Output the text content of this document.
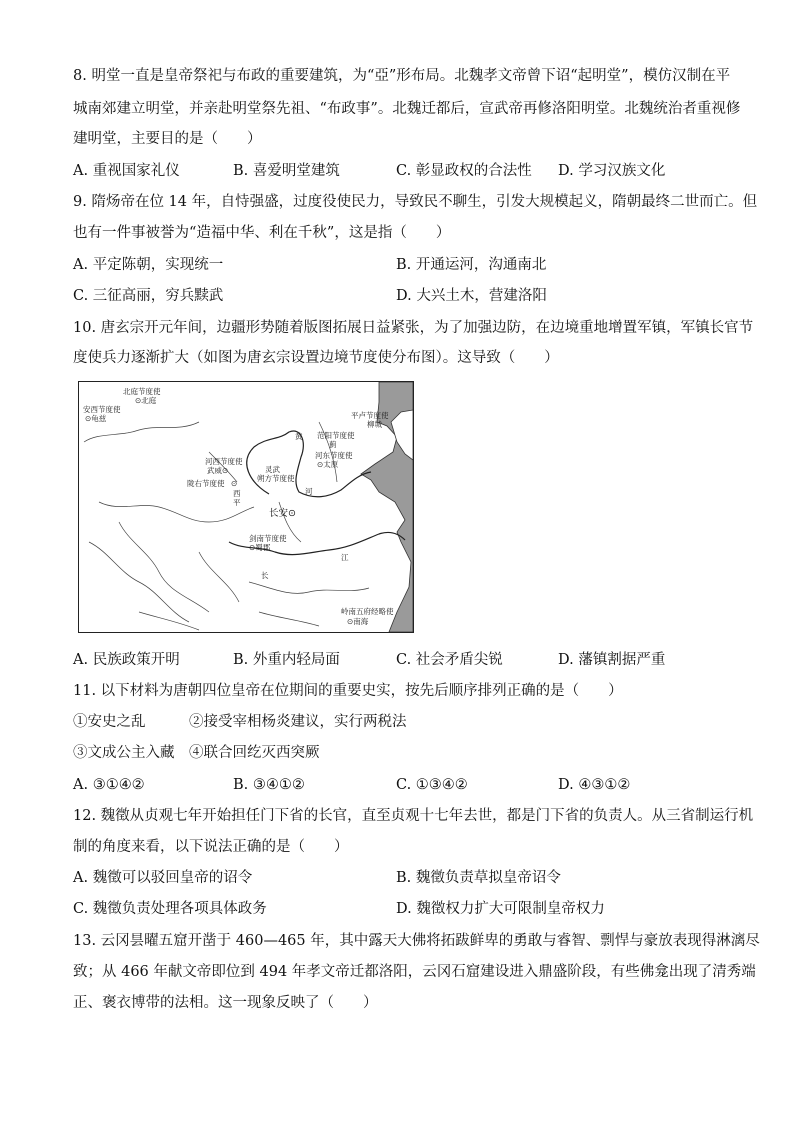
8. 明堂一直是皇帝祭祀与布政的重要建筑，为“亞”形布局。北魏孝文帝曾下诏“起明堂”，模仿汉制在平
城南郊建立明堂，并亲赴明堂祭先祖、“布政事”。北魏迁都后，宣武帝再修洛阳明堂。北魏统治者重视修
建明堂，主要目的是（　　）
A. 重视国家礼仪	B. 喜爱明堂建筑	C. 彰显政权的合法性 D. 学习汉族文化
9. 隋炀帝在位 14 年，自恃强盛，过度役使民力，导致民不聊生，引发大规模起义，隋朝最终二世而亡。但
也有一件事被誉为“造福中华、利在千秋”，这是指（　　）
A. 平定陈朝，实现统一	B. 开通运河，沟通南北
C. 三征高丽，穷兵黩武	D. 大兴土木，营建洛阳
10. 唐玄宗开元年间，边疆形势随着版图拓展日益紧张，为了加强边防，在边境重地增置军镇，军镇长官节
度使兵力逐渐扩大（如图为唐玄宗设置边境节度使分布图）。这导致（　　）
北庭节度使
⊙北庭
安西节度使
⊙龟兹	平卢节度使
柳城
范阳节度使
蓟
河东节度使
⊙太原
黄
河西节度使
武威⊙	灵武
朔方节度使
陇右节度使 ⊙
西
平
河
长安⊙
剑南节度使
⊙蜀郡
江
长
岭南五府经略使
⊙南海
A. 民族政策开明	B. 外重内轻局面	C. 社会矛盾尖锐	D. 藩镇割据严重
11. 以下材料为唐朝四位皇帝在位期间的重要史实，按先后顺序排列正确的是（　　）
①安史之乱　　　②接受宰相杨炎建议，实行两税法
③文成公主入藏　④联合回纥灭西突厥
A. ③①④②	B. ③④①②	C. ①③④②	D. ④③①②
12. 魏徵从贞观七年开始担任门下省的长官，直至贞观十七年去世，都是门下省的负责人。从三省制运行机
制的角度来看，以下说法正确的是（　　）
A. 魏徵可以驳回皇帝的诏令	B. 魏徵负责草拟皇帝诏令
C. 魏徵负责处理各项具体政务	D. 魏徵权力扩大可限制皇帝权力
13. 云冈昙曜五窟开凿于 460—465 年，其中露天大佛将拓跋鲜卑的勇敢与睿智、剽悍与豪放表现得淋漓尽
致；从 466 年献文帝即位到 494 年孝文帝迁都洛阳，云冈石窟建设进入鼎盛阶段，有些佛龛出现了清秀端
正、褒衣博带的法相。这一现象反映了（　　）
